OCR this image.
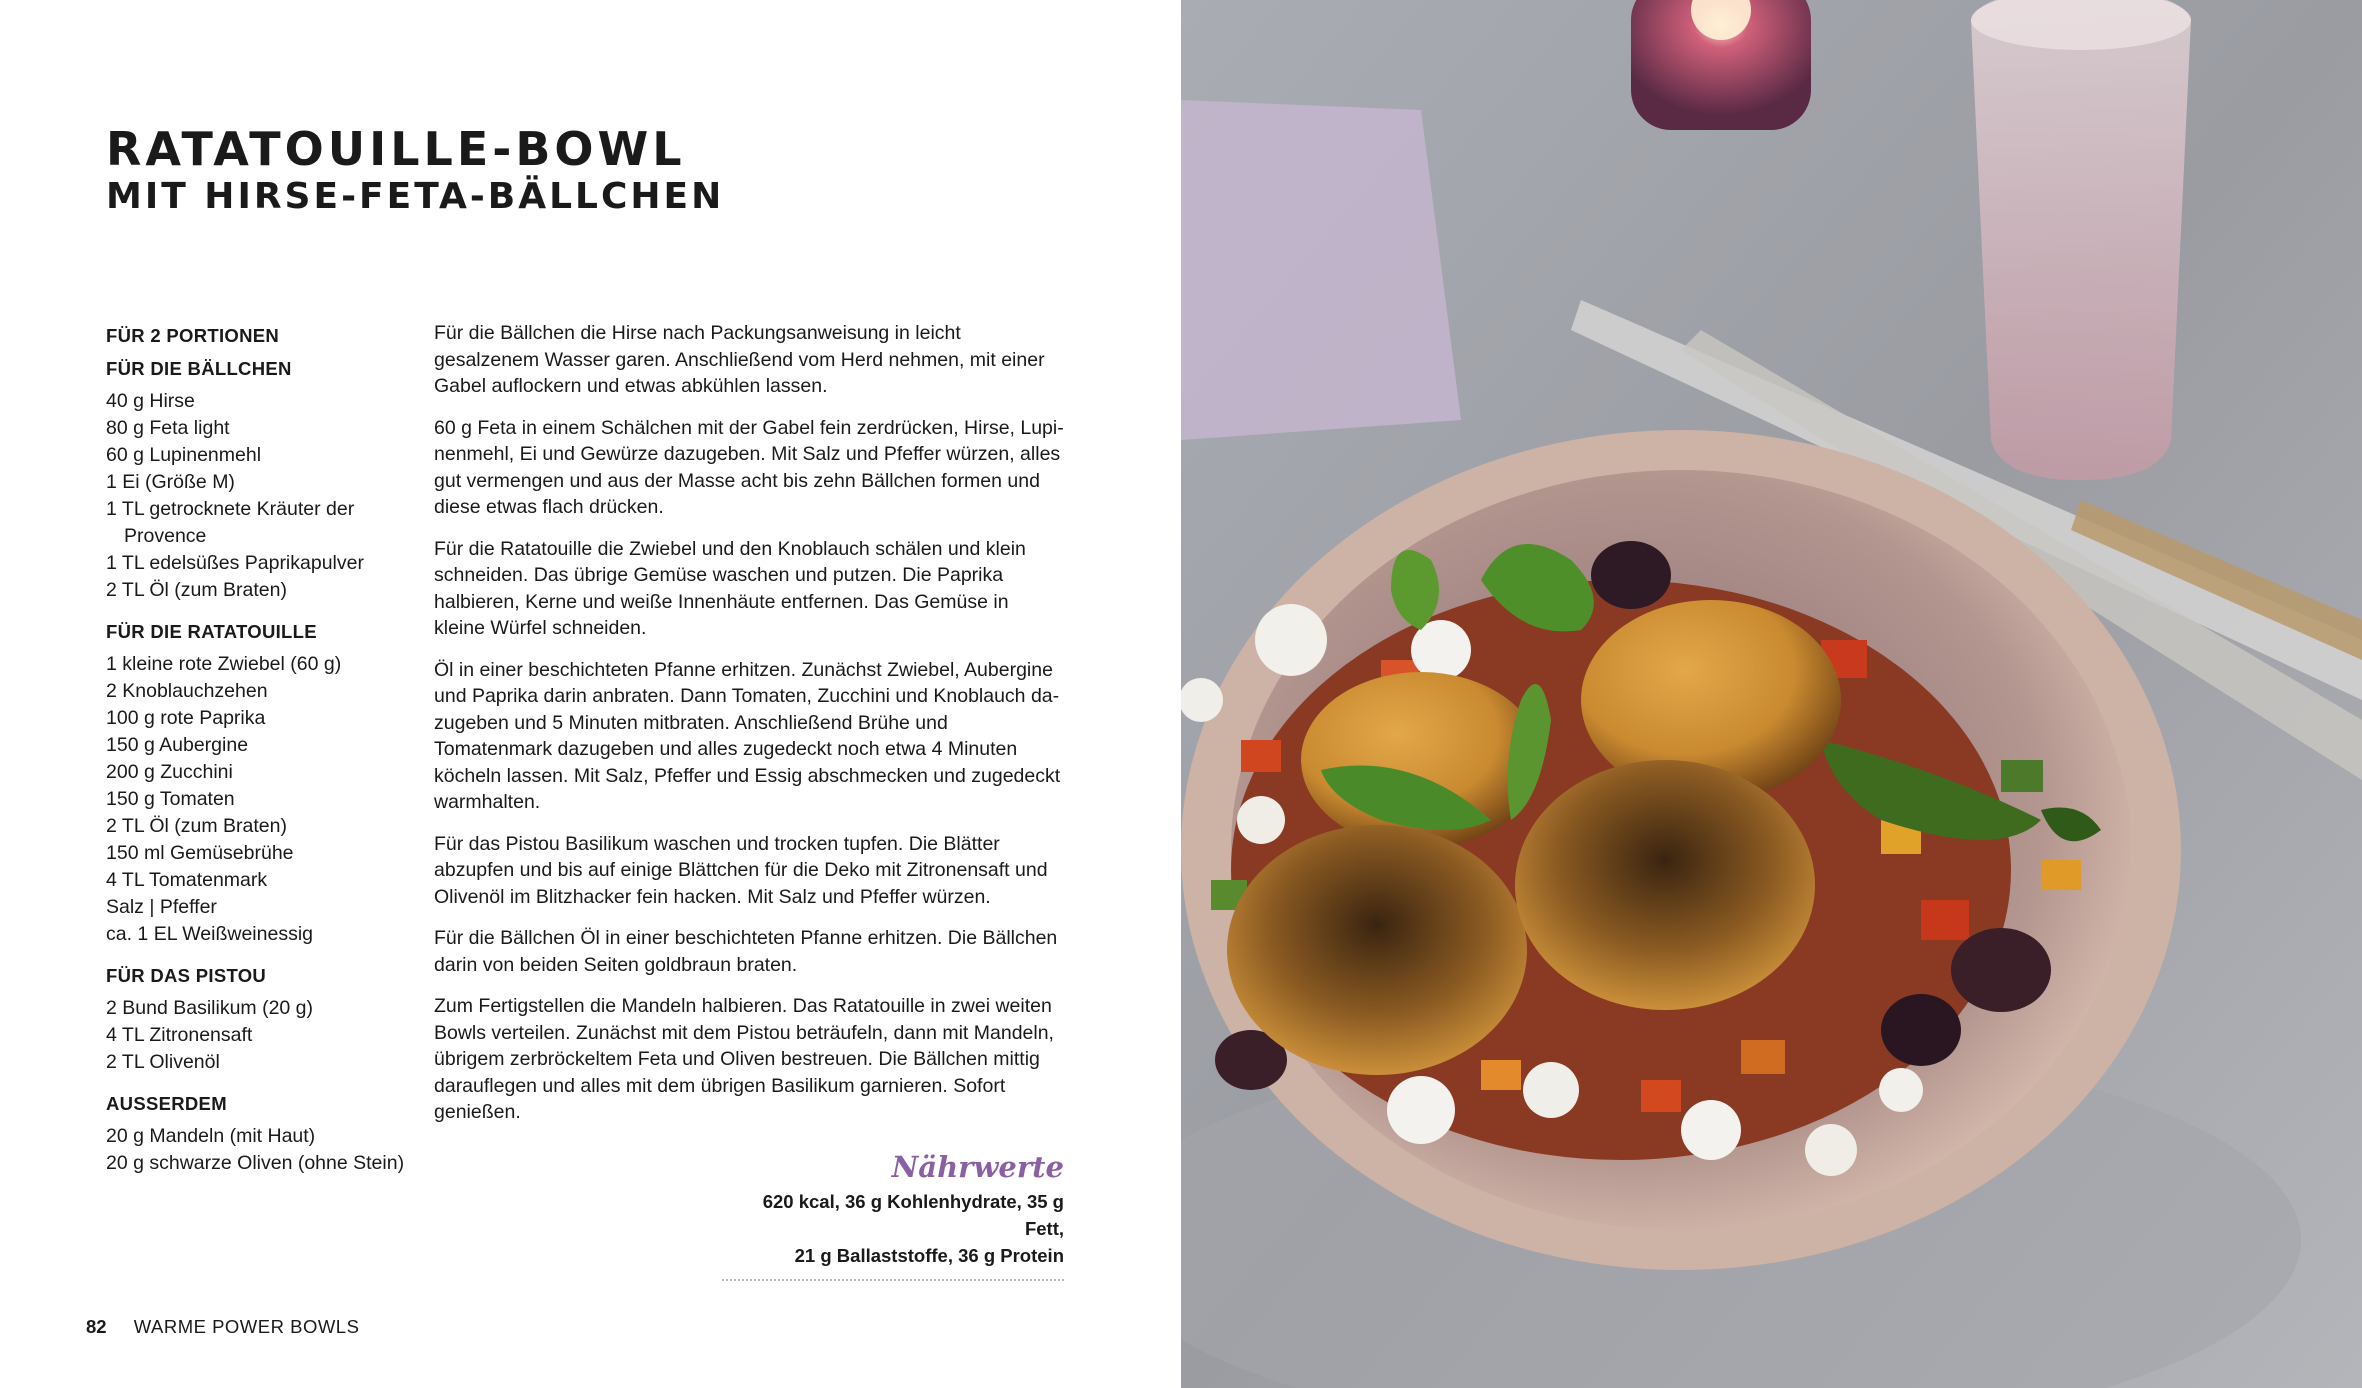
RATATOUILLE-BOWL
MIT HIRSE-FETA-BÄLLCHEN
FÜR 2 PORTIONEN
FÜR DIE BÄLLCHEN
40 g Hirse
80 g Feta light
60 g Lupinenmehl
1 Ei (Größe M)
1 TL getrocknete Kräuter der Provence
1 TL edelsüßes Paprikapulver
2 TL Öl (zum Braten)
FÜR DIE RATATOUILLE
1 kleine rote Zwiebel (60 g)
2 Knoblauchzehen
100 g rote Paprika
150 g Aubergine
200 g Zucchini
150 g Tomaten
2 TL Öl (zum Braten)
150 ml Gemüsebrühe
4 TL Tomatenmark
Salz | Pfeffer
ca. 1 EL Weißweinessig
FÜR DAS PISTOU
2 Bund Basilikum (20 g)
4 TL Zitronensaft
2 TL Olivenöl
AUSSERDEM
20 g Mandeln (mit Haut)
20 g schwarze Oliven (ohne Stein)

Für die Bällchen die Hirse nach Packungsanweisung in leicht gesalzenem Wasser garen. Anschließend vom Herd nehmen, mit einer Gabel auflockern und etwas abkühlen lassen.

60 g Feta in einem Schälchen mit der Gabel fein zerdrücken, Hirse, Lupinenmehl, Ei und Gewürze dazugeben. Mit Salz und Pfeffer würzen, alles gut vermengen und aus der Masse acht bis zehn Bällchen formen und diese etwas flach drücken.

Für die Ratatouille die Zwiebel und den Knoblauch schälen und klein schneiden. Das übrige Gemüse waschen und putzen. Die Paprika halbieren, Kerne und weiße Innenhäute entfernen. Das Gemüse in kleine Würfel schneiden.

Öl in einer beschichteten Pfanne erhitzen. Zunächst Zwiebel, Aubergine und Paprika darin anbraten. Dann Tomaten, Zucchini und Knoblauch dazugeben und 5 Minuten mitbraten. Anschließend Brühe und Tomatenmark dazugeben und alles zugedeckt noch etwa 4 Minuten köcheln lassen. Mit Salz, Pfeffer und Essig abschmecken und zugedeckt warmhalten.

Für das Pistou Basilikum waschen und trocken tupfen. Die Blätter abzupfen und bis auf einige Blättchen für die Deko mit Zitronensaft und Olivenöl im Blitzhacker fein hacken. Mit Salz und Pfeffer würzen.

Für die Bällchen Öl in einer beschichteten Pfanne erhitzen. Die Bällchen darin von beiden Seiten goldbraun braten.

Zum Fertigstellen die Mandeln halbieren. Das Ratatouille in zwei weiten Bowls verteilen. Zunächst mit dem Pistou beträufeln, dann mit Mandeln, übrigem zerbröckeltem Feta und Oliven bestreuen. Die Bällchen mittig darauflegen und alles mit dem übrigen Basilikum garnieren. Sofort genießen.

Nährwerte

620 kcal, 36 g Kohlenhydrate, 35 g Fett,

21 g Ballaststoffe, 36 g Protein

82 WARME POWER BOWLS
